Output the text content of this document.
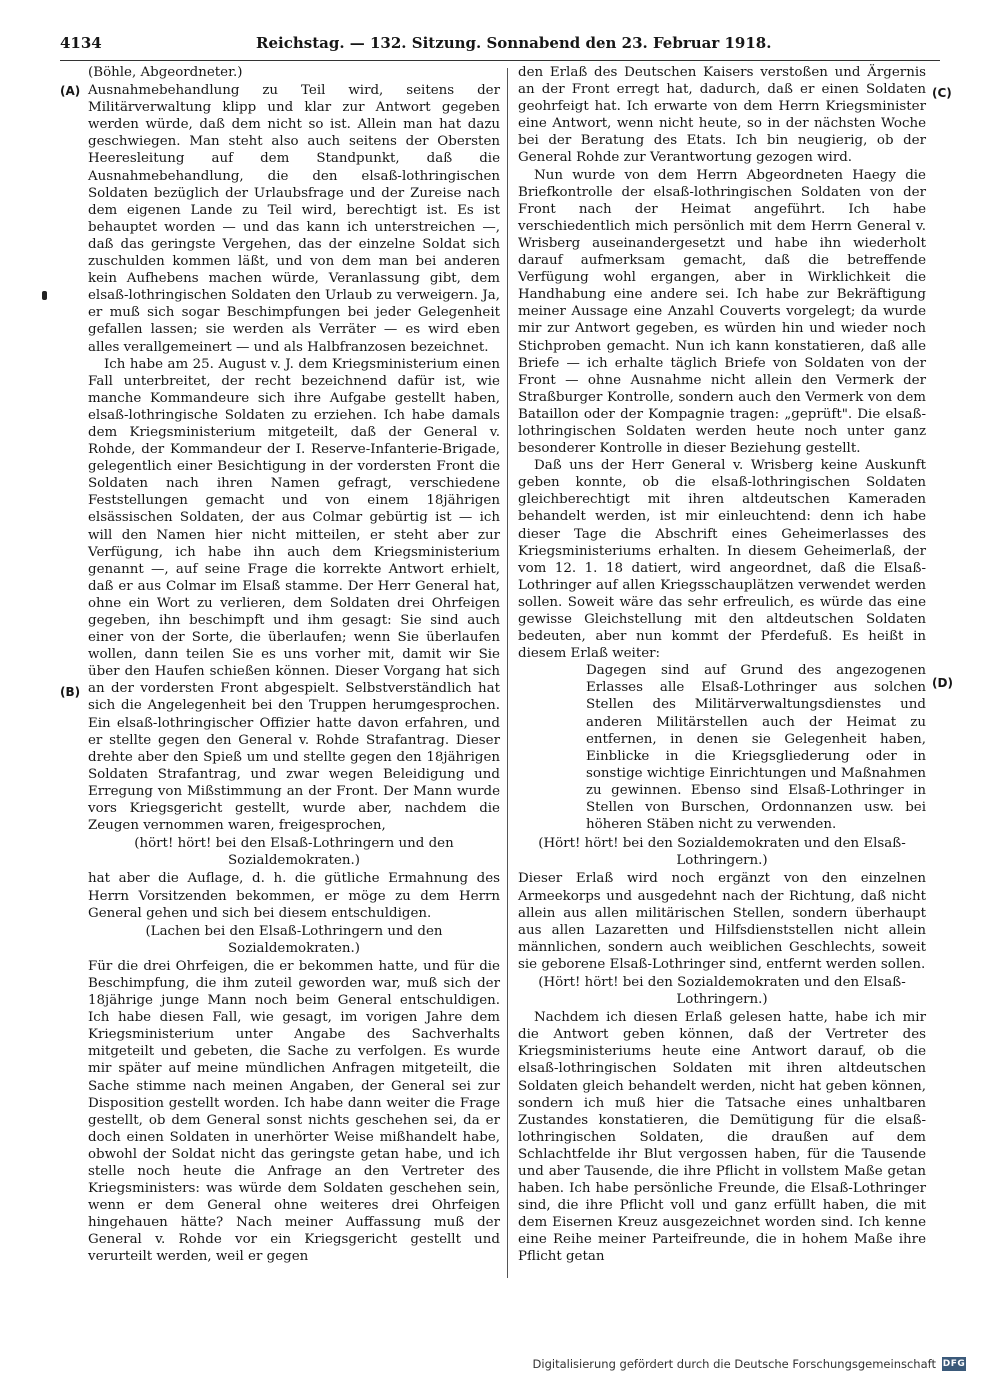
4134	Reichstag. — 132. Sitzung. Sonnabend den 23. Februar 1918.
(A)
(B)
(C)
(D)

(Böhle, Abgeordneter.)

Ausnahmebehandlung zu Teil wird, seitens der Militärverwaltung klipp und klar zur Antwort gegeben werden würde, daß dem nicht so ist. Allein man hat dazu geschwiegen. Man steht also auch seitens der Obersten Heeresleitung auf dem Standpunkt, daß die Ausnahmebehandlung, die den elsaß-lothringischen Soldaten bezüglich der Urlaubsfrage und der Zureise nach dem eigenen Lande zu Teil wird, berechtigt ist. Es ist behauptet worden — und das kann ich unterstreichen —, daß das geringste Vergehen, das der einzelne Soldat sich zuschulden kommen läßt, und von dem man bei anderen kein Aufhebens machen würde, Veranlassung gibt, dem elsaß-lothringischen Soldaten den Urlaub zu verweigern. Ja, er muß sich sogar Beschimpfungen bei jeder Gelegenheit gefallen lassen; sie werden als Verräter — es wird eben alles verallgemeinert — und als Halbfranzosen bezeichnet.

Ich habe am 25. August v. J. dem Kriegsministerium einen Fall unterbreitet, der recht bezeichnend dafür ist, wie manche Kommandeure sich ihre Aufgabe gestellt haben, elsaß-lothringische Soldaten zu erziehen. Ich habe damals dem Kriegsministerium mitgeteilt, daß der General v. Rohde, der Kommandeur der I. Reserve-Infanterie-Brigade, gelegentlich einer Besichtigung in der vordersten Front die Soldaten nach ihren Namen gefragt, verschiedene Feststellungen gemacht und von einem 18jährigen elsässischen Soldaten, der aus Colmar gebürtig ist — ich will den Namen hier nicht mitteilen, er steht aber zur Verfügung, ich habe ihn auch dem Kriegsministerium genannt —, auf seine Frage die korrekte Antwort erhielt, daß er aus Colmar im Elsaß stamme. Der Herr General hat, ohne ein Wort zu verlieren, dem Soldaten drei Ohrfeigen gegeben, ihn beschimpft und ihm gesagt: Sie sind auch einer von der Sorte, die überlaufen; wenn Sie überlaufen wollen, dann teilen Sie es uns vorher mit, damit wir Sie über den Haufen schießen können. Dieser Vorgang hat sich an der vordersten Front abgespielt. Selbstverständlich hat sich die Angelegenheit bei den Truppen herumgesprochen. Ein elsaß-lothringischer Offizier hatte davon erfahren, und er stellte gegen den General v. Rohde Strafantrag. Dieser drehte aber den Spieß um und stellte gegen den 18jährigen Soldaten Strafantrag, und zwar wegen Beleidigung und Erregung von Mißstimmung an der Front. Der Mann wurde vors Kriegsgericht gestellt, wurde aber, nachdem die Zeugen vernommen waren, freigesprochen,

(hört! hört! bei den Elsaß-Lothringern und den Sozialdemokraten.)

hat aber die Auflage, d. h. die gütliche Ermahnung des Herrn Vorsitzenden bekommen, er möge zu dem Herrn General gehen und sich bei diesem entschuldigen.

(Lachen bei den Elsaß-Lothringern und den Sozialdemokraten.)

Für die drei Ohrfeigen, die er bekommen hatte, und für die Beschimpfung, die ihm zuteil geworden war, muß sich der 18jährige junge Mann noch beim General entschuldigen. Ich habe diesen Fall, wie gesagt, im vorigen Jahre dem Kriegsministerium unter Angabe des Sachverhalts mitgeteilt und gebeten, die Sache zu verfolgen. Es wurde mir später auf meine mündlichen Anfragen mitgeteilt, die Sache stimme nach meinen Angaben, der General sei zur Disposition gestellt worden. Ich habe dann weiter die Frage gestellt, ob dem General sonst nichts geschehen sei, da er doch einen Soldaten in unerhörter Weise mißhandelt habe, obwohl der Soldat nicht das geringste getan habe, und ich stelle noch heute die Anfrage an den Vertreter des Kriegsministers: was würde dem Soldaten geschehen sein, wenn er dem General ohne weiteres drei Ohrfeigen hingehauen hätte? Nach meiner Auffassung muß der General v. Rohde vor ein Kriegsgericht gestellt und verurteilt werden, weil er gegen

den Erlaß des Deutschen Kaisers verstoßen und Ärgernis an der Front erregt hat, dadurch, daß er einen Soldaten geohrfeigt hat. Ich erwarte von dem Herrn Kriegsminister eine Antwort, wenn nicht heute, so in der nächsten Woche bei der Beratung des Etats. Ich bin neugierig, ob der General Rohde zur Verantwortung gezogen wird.

Nun wurde von dem Herrn Abgeordneten Haegy die Briefkontrolle der elsaß-lothringischen Soldaten von der Front nach der Heimat angeführt. Ich habe verschiedentlich mich persönlich mit dem Herrn General v. Wrisberg auseinandergesetzt und habe ihn wiederholt darauf aufmerksam gemacht, daß die betreffende Verfügung wohl ergangen, aber in Wirklichkeit die Handhabung eine andere sei. Ich habe zur Bekräftigung meiner Aussage eine Anzahl Couverts vorgelegt; da wurde mir zur Antwort gegeben, es würden hin und wieder noch Stichproben gemacht. Nun ich kann konstatieren, daß alle Briefe — ich erhalte täglich Briefe von Soldaten von der Front — ohne Ausnahme nicht allein den Vermerk der Straßburger Kontrolle, sondern auch den Vermerk von dem Bataillon oder der Kompagnie tragen: „geprüft". Die elsaß-lothringischen Soldaten werden heute noch unter ganz besonderer Kontrolle in dieser Beziehung gestellt.

Daß uns der Herr General v. Wrisberg keine Auskunft geben konnte, ob die elsaß-lothringischen Soldaten gleichberechtigt mit ihren altdeutschen Kameraden behandelt werden, ist mir einleuchtend: denn ich habe dieser Tage die Abschrift eines Geheimerlasses des Kriegsministeriums erhalten. In diesem Geheimerlaß, der vom 12. 1. 18 datiert, wird angeordnet, daß die Elsaß-Lothringer auf allen Kriegsschauplätzen verwendet werden sollen. Soweit wäre das sehr erfreulich, es würde das eine gewisse Gleichstellung mit den altdeutschen Soldaten bedeuten, aber nun kommt der Pferdefuß. Es heißt in diesem Erlaß weiter:

Dagegen sind auf Grund des angezogenen Erlasses alle Elsaß-Lothringer aus solchen Stellen des Militärverwaltungsdienstes und anderen Militärstellen auch der Heimat zu entfernen, in denen sie Gelegenheit haben, Einblicke in die Kriegsgliederung oder in sonstige wichtige Einrichtungen und Maßnahmen zu gewinnen. Ebenso sind Elsaß-Lothringer in Stellen von Burschen, Ordonnanzen usw. bei höheren Stäben nicht zu verwenden.

(Hört! hört! bei den Sozialdemokraten und den Elsaß-Lothringern.)

Dieser Erlaß wird noch ergänzt von den einzelnen Armeekorps und ausgedehnt nach der Richtung, daß nicht allein aus allen militärischen Stellen, sondern überhaupt aus allen Lazaretten und Hilfsdienststellen nicht allein männlichen, sondern auch weiblichen Geschlechts, soweit sie geborene Elsaß-Lothringer sind, entfernt werden sollen.

(Hört! hört! bei den Sozialdemokraten und den Elsaß-Lothringern.)

Nachdem ich diesen Erlaß gelesen hatte, habe ich mir die Antwort geben können, daß der Vertreter des Kriegsministeriums heute eine Antwort darauf, ob die elsaß-lothringischen Soldaten mit ihren altdeutschen Soldaten gleich behandelt werden, nicht hat geben können, sondern ich muß hier die Tatsache eines unhaltbaren Zustandes konstatieren, die Demütigung für die elsaß-lothringischen Soldaten, die draußen auf dem Schlachtfelde ihr Blut vergossen haben, für die Tausende und aber Tausende, die ihre Pflicht in vollstem Maße getan haben. Ich habe persönliche Freunde, die Elsaß-Lothringer sind, die ihre Pflicht voll und ganz erfüllt haben, die mit dem Eisernen Kreuz ausgezeichnet worden sind. Ich kenne eine Reihe meiner Parteifreunde, die in hohem Maße ihre Pflicht getan

Digitalisierung gefördert durch die Deutsche Forschungsgemeinschaft DFG
